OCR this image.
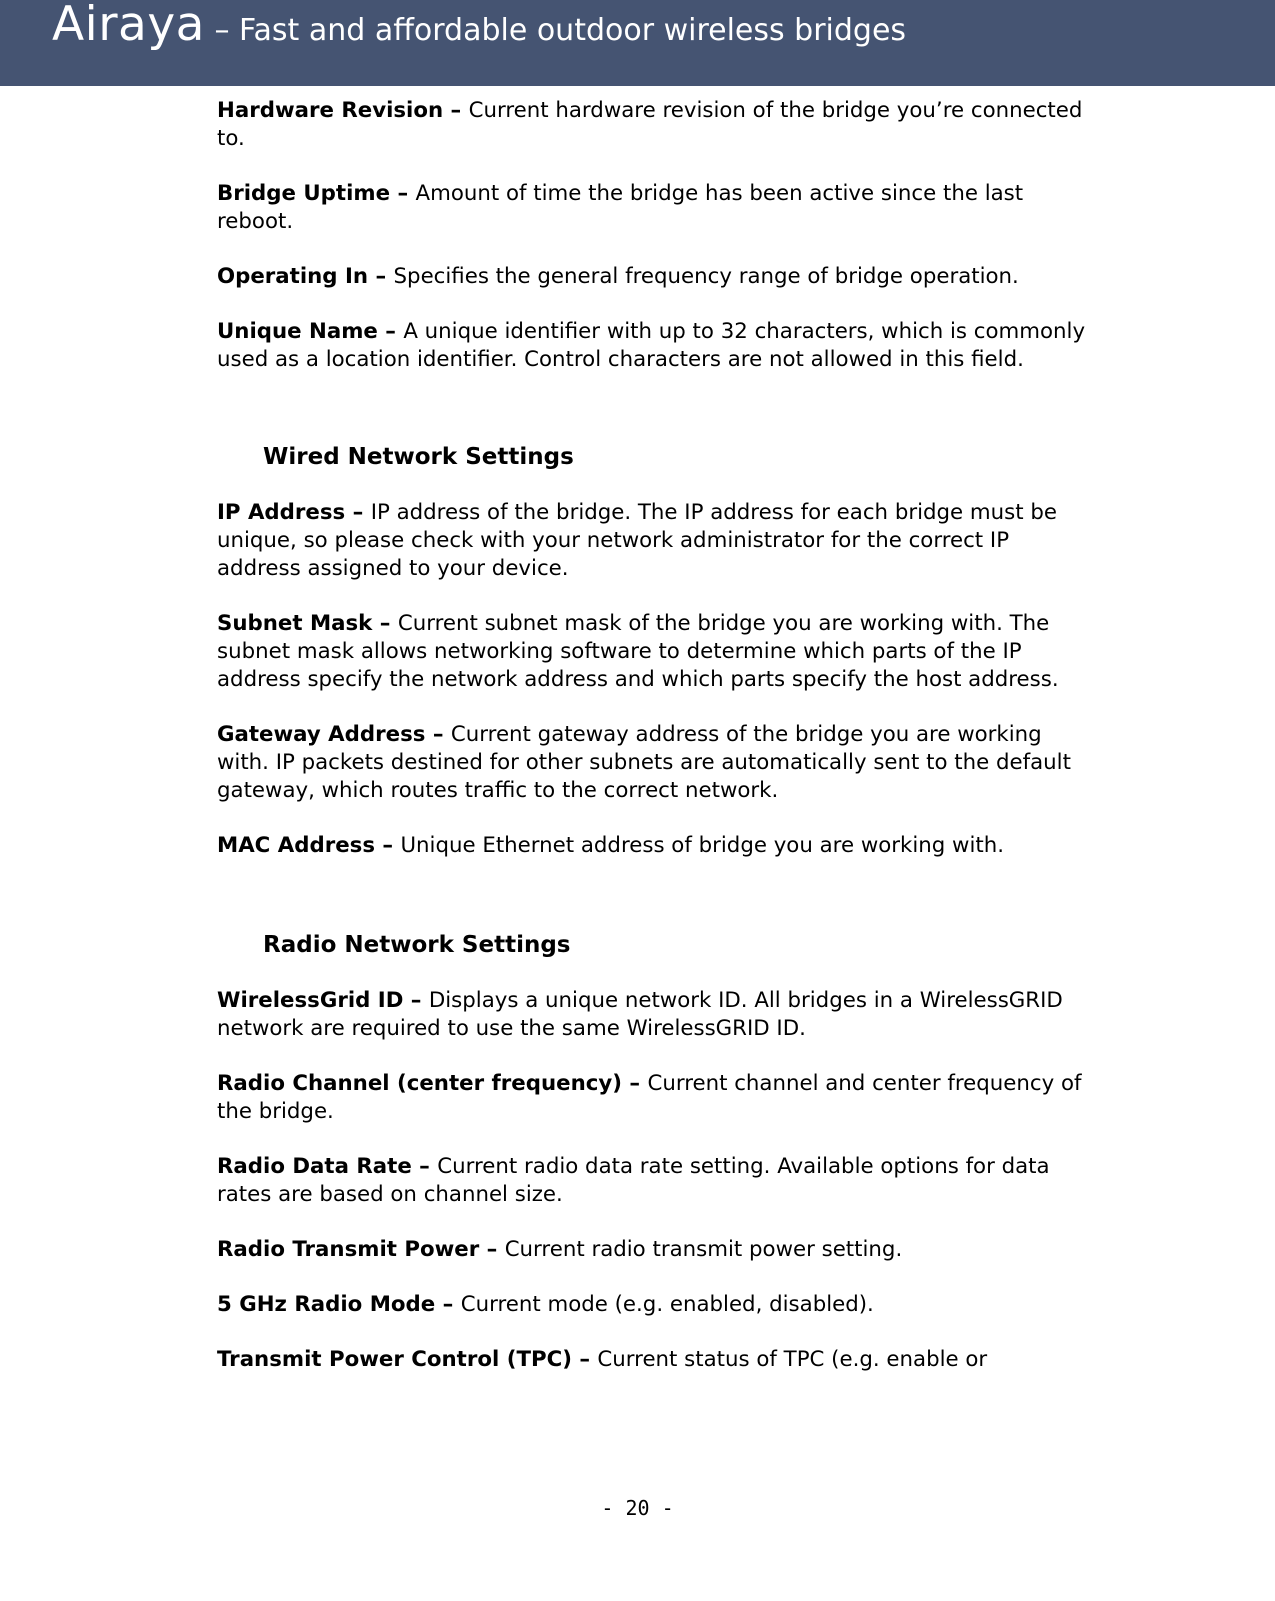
Airaya – Fast and affordable outdoor wireless bridges

Hardware Revision – Current hardware revision of the bridge you’re connected to.

Bridge Uptime – Amount of time the bridge has been active since the last reboot.

Operating In – Specifies the general frequency range of bridge operation.

Unique Name – A unique identifier with up to 32 characters, which is commonly used as a location identifier. Control characters are not allowed in this field.

Wired Network Settings

IP Address – IP address of the bridge. The IP address for each bridge must be unique, so please check with your network administrator for the correct IP address assigned to your device.

Subnet Mask – Current subnet mask of the bridge you are working with. The subnet mask allows networking software to determine which parts of the IP address specify the network address and which parts specify the host address.

Gateway Address – Current gateway address of the bridge you are working with. IP packets destined for other subnets are automatically sent to the default gateway, which routes traffic to the correct network.

MAC Address – Unique Ethernet address of bridge you are working with.

Radio Network Settings

WirelessGrid ID – Displays a unique network ID. All bridges in a WirelessGRID network are required to use the same WirelessGRID ID.

Radio Channel (center frequency) – Current channel and center frequency of the bridge.

Radio Data Rate – Current radio data rate setting. Available options for data rates are based on channel size.

Radio Transmit Power – Current radio transmit power setting.

5 GHz Radio Mode – Current mode (e.g. enabled, disabled).

Transmit Power Control (TPC) – Current status of TPC (e.g. enable or

- 20 -
